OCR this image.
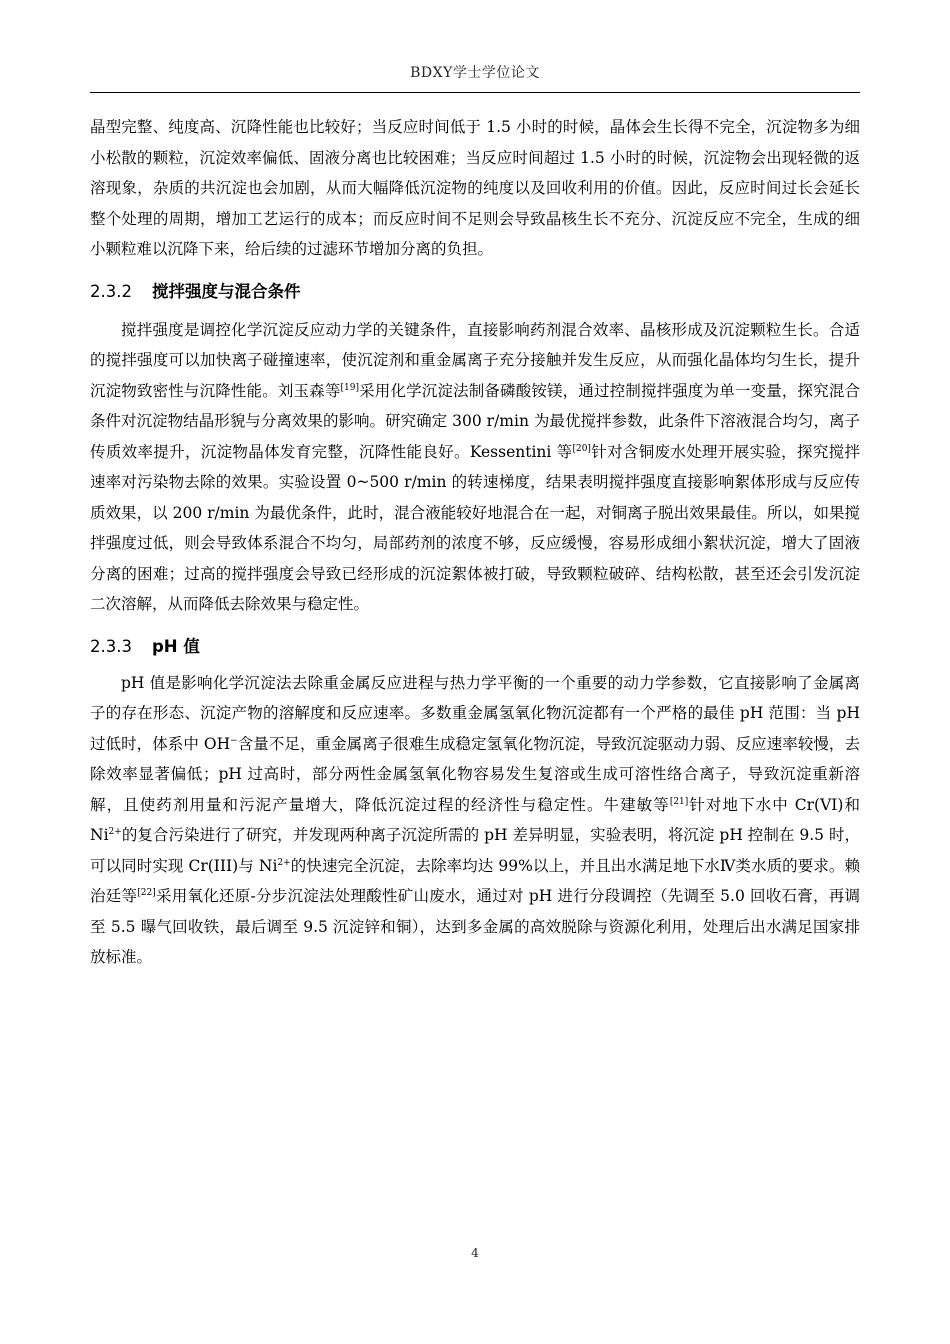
BDXY学士学位论文

晶型完整、纯度高、沉降性能也比较好；当反应时间低于 1.5 小时的时候，晶体会生长得不完全，沉淀物多为细小松散的颗粒，沉淀效率偏低、固液分离也比较困难；当反应时间超过 1.5 小时的时候，沉淀物会出现轻微的返溶现象，杂质的共沉淀也会加剧，从而大幅降低沉淀物的纯度以及回收利用的价值。因此，反应时间过长会延长整个处理的周期，增加工艺运行的成本；而反应时间不足则会导致晶核生长不充分、沉淀反应不完全，生成的细小颗粒难以沉降下来，给后续的过滤环节增加分离的负担。

2.3.2 搅拌强度与混合条件

搅拌强度是调控化学沉淀反应动力学的关键条件，直接影响药剂混合效率、晶核形成及沉淀颗粒生长。合适的搅拌强度可以加快离子碰撞速率，使沉淀剂和重金属离子充分接触并发生反应，从而强化晶体均匀生长，提升沉淀物致密性与沉降性能。刘玉森等[19]采用化学沉淀法制备磷酸铵镁，通过控制搅拌强度为单一变量，探究混合条件对沉淀物结晶形貌与分离效果的影响。研究确定 300 r/min 为最优搅拌参数，此条件下溶液混合均匀，离子传质效率提升，沉淀物晶体发育完整，沉降性能良好。Kessentini 等[20]针对含铜废水处理开展实验，探究搅拌速率对污染物去除的效果。实验设置 0~500 r/min 的转速梯度，结果表明搅拌强度直接影响絮体形成与反应传质效果，以 200 r/min 为最优条件，此时，混合液能较好地混合在一起，对铜离子脱出效果最佳。所以，如果搅拌强度过低，则会导致体系混合不均匀，局部药剂的浓度不够，反应缓慢，容易形成细小絮状沉淀，增大了固液分离的困难；过高的搅拌强度会导致已经形成的沉淀絮体被打破，导致颗粒破碎、结构松散，甚至还会引发沉淀二次溶解，从而降低去除效果与稳定性。

2.3.3 pH 值

pH 值是影响化学沉淀法去除重金属反应进程与热力学平衡的一个重要的动力学参数，它直接影响了金属离子的存在形态、沉淀产物的溶解度和反应速率。多数重金属氢氧化物沉淀都有一个严格的最佳 pH 范围：当 pH 过低时，体系中 OH−含量不足，重金属离子很难生成稳定氢氧化物沉淀，导致沉淀驱动力弱、反应速率较慢，去除效率显著偏低；pH 过高时，部分两性金属氢氧化物容易发生复溶或生成可溶性络合离子，导致沉淀重新溶解，且使药剂用量和污泥产量增大，降低沉淀过程的经济性与稳定性。牛建敏等[21]针对地下水中 Cr(VI)和 $Ni^{2+}$的复合污染进行了研究，并发现两种离子沉淀所需的 pH 差异明显，实验表明，将沉淀 pH 控制在 9.5 时，可以同时实现 Cr(III)与 $Ni^{2+}$的快速完全沉淀，去除率均达 99%以上，并且出水满足地下水Ⅳ类水质的要求。赖治廷等[22]采用氧化还原-分步沉淀法处理酸性矿山废水，通过对 pH 进行分段调控（先调至 5.0 回收石膏，再调至 5.5 曝气回收铁，最后调至 9.5 沉淀锌和铜），达到多金属的高效脱除与资源化利用，处理后出水满足国家排放标准。

4
